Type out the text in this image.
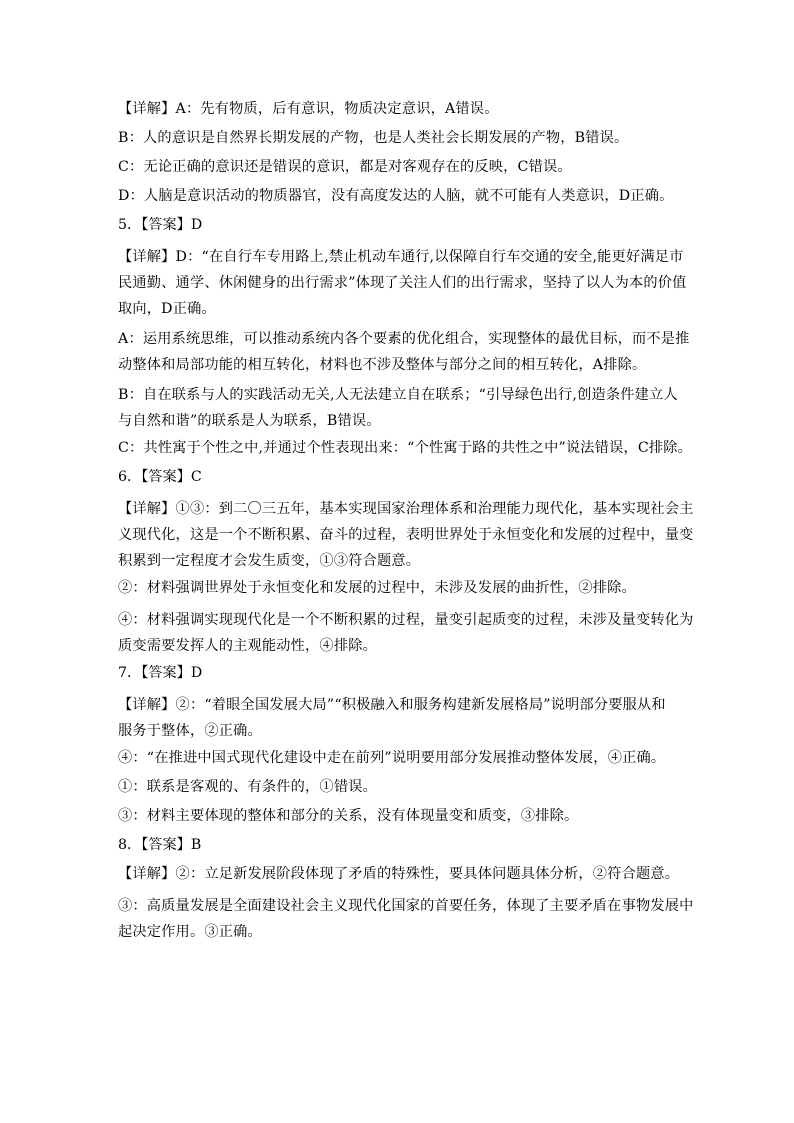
【详解】A：先有物质，后有意识，物质决定意识，A错误。
B：人的意识是自然界长期发展的产物，也是人类社会长期发展的产物，B错误。
C：无论正确的意识还是错误的意识，都是对客观存在的反映，C错误。
D：人脑是意识活动的物质器官，没有高度发达的人脑，就不可能有人类意识，D正确。
5．【答案】D
【详解】D：“在自行车专用路上,禁止机动车通行,以保障自行车交通的安全,能更好满足市
民通勤、通学、休闲健身的出行需求”体现了关注人们的出行需求，坚持了以人为本的价值
取向，D正确。
A：运用系统思维，可以推动系统内各个要素的优化组合，实现整体的最优目标，而不是推
动整体和局部功能的相互转化，材料也不涉及整体与部分之间的相互转化，A排除。
B：自在联系与人的实践活动无关,人无法建立自在联系；“引导绿色出行,创造条件建立人
与自然和谐”的联系是人为联系，B错误。
C：共性寓于个性之中,并通过个性表现出来：“个性寓于路的共性之中”说法错误，C排除。
6．【答案】C
【详解】①③：到二〇三五年，基本实现国家治理体系和治理能力现代化，基本实现社会主
义现代化，这是一个不断积累、奋斗的过程，表明世界处于永恒变化和发展的过程中，量变
积累到一定程度才会发生质变，①③符合题意。
②：材料强调世界处于永恒变化和发展的过程中，未涉及发展的曲折性，②排除。
④：材料强调实现现代化是一个不断积累的过程，量变引起质变的过程，未涉及量变转化为
质变需要发挥人的主观能动性，④排除。
7．【答案】D
【详解】②：“着眼全国发展大局”“积极融入和服务构建新发展格局”说明部分要服从和
服务于整体，②正确。
④：“在推进中国式现代化建设中走在前列”说明要用部分发展推动整体发展，④正确。
①：联系是客观的、有条件的，①错误。
③：材料主要体现的整体和部分的关系，没有体现量变和质变，③排除。
8．【答案】B
【详解】②：立足新发展阶段体现了矛盾的特殊性，要具体问题具体分析，②符合题意。
③：高质量发展是全面建设社会主义现代化国家的首要任务，体现了主要矛盾在事物发展中
起决定作用。③正确。
